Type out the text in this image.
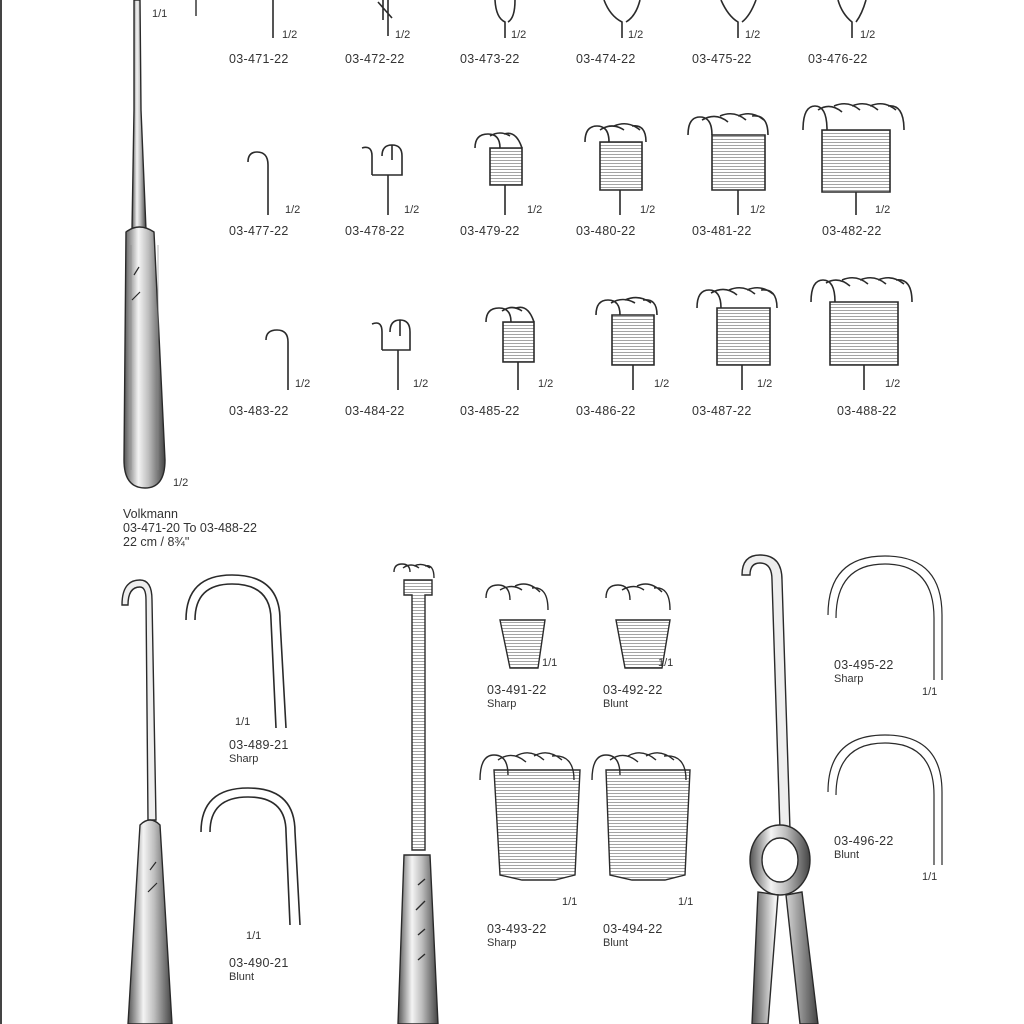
1/1
1/2	1/2	1/2	1/2	1/2	1/2
03-471-22	03-472-22	03-473-22	03-474-22	03-475-22	03-476-22
1/2	1/2	1/2	1/2	1/2	1/2
03-477-22	03-478-22	03-479-22	03-480-22	03-481-22	03-482-22
1/2	1/2	1/2	1/2	1/2	1/2
03-483-22	03-484-22	03-485-22	03-486-22	03-487-22	03-488-22
1/2
Volkmann
03-471-20 To 03-488-22
22 cm / 8¾"
1/1
03-489-21
Sharp
1/1
03-490-21
Blunt
1/1
03-491-22
Sharp
1/1
03-492-22
Blunt
1/1
03-493-22
Sharp
1/1
03-494-22
Blunt
03-495-22
Sharp
1/1
03-496-22
Blunt
1/1
